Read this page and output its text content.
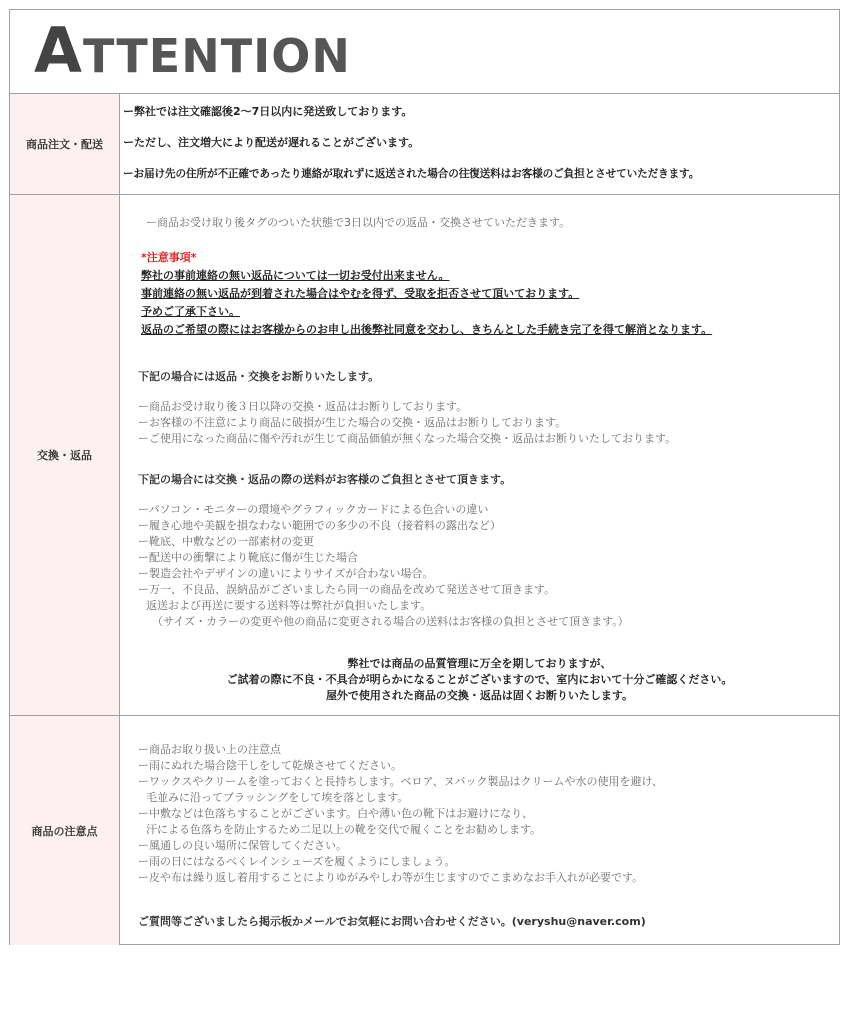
ATTENTION
商品注文・配送
ー弊社では注文確認後2～7日以内に発送致しております。
ーただし、注文増大により配送が遅れることがございます。
ーお届け先の住所が不正確であったり連絡が取れずに返送された場合の往復送料はお客様のご負担とさせていただきます。
交換・返品
ー商品お受け取り後タグのついた状態で3日以内での返品・交換させていただきます。
*注意事項*
弊社の事前連絡の無い返品については一切お受付出来ません。
事前連絡の無い返品が到着された場合はやむを得ず、受取を拒否させて頂いております。
予めご了承下さい。
返品のご希望の際にはお客様からのお申し出後弊社同意を交わし、きちんとした手続き完了を得て解消となります。
下記の場合には返品・交換をお断りいたします。
ー商品お受け取り後３日以降の交換・返品はお断りしております。
ーお客様の不注意により商品に破損が生じた場合の交換・返品はお断りしております。
ーご使用になった商品に傷や汚れが生じて商品価値が無くなった場合交換・返品はお断りいたしております。
下記の場合には交換・返品の際の送料がお客様のご負担とさせて頂きます。
ーパソコン・モニターの環境やグラフィックカードによる色合いの違い
ー履き心地や美観を損なわない範囲での多少の不良（接着料の露出など）
ー靴底、中敷などの一部素材の変更
ー配送中の衝撃により靴底に傷が生じた場合
ー製造会社やデザインの違いによりサイズが合わない場合。
ー万一、不良品、誤納品がございましたら同一の商品を改めて発送させて頂きます。
返送および再送に要する送料等は弊社が負担いたします。
（サイズ・カラーの変更や他の商品に変更される場合の送料はお客様の負担とさせて頂きます。）
弊社では商品の品質管理に万全を期しておりますが、
ご試着の際に不良・不具合が明らかになることがございますので、室内において十分ご確認ください。
屋外で使用された商品の交換・返品は固くお断りいたします。
商品の注意点
ー商品お取り扱い上の注意点
ー雨にぬれた場合陰干しをして乾燥させてください。
ーワックスやクリームを塗っておくと長持ちします。ベロア、ヌバック製品はクリームや水の使用を避け、
毛並みに沿ってブラッシングをして埃を落とします。
ー中敷などは色落ちすることがございます。白や薄い色の靴下はお避けになり、
汗による色落ちを防止するため二足以上の靴を交代で履くことをお勧めします。
ー風通しの良い場所に保管してください。
ー雨の日にはなるべくレインシューズを履くようにしましょう。
ー皮や布は繰り返し着用することによりゆがみやしわ等が生じますのでこまめなお手入れが必要です。
ご質問等ございましたら掲示板かメールでお気軽にお問い合わせください。(veryshu@naver.com)
